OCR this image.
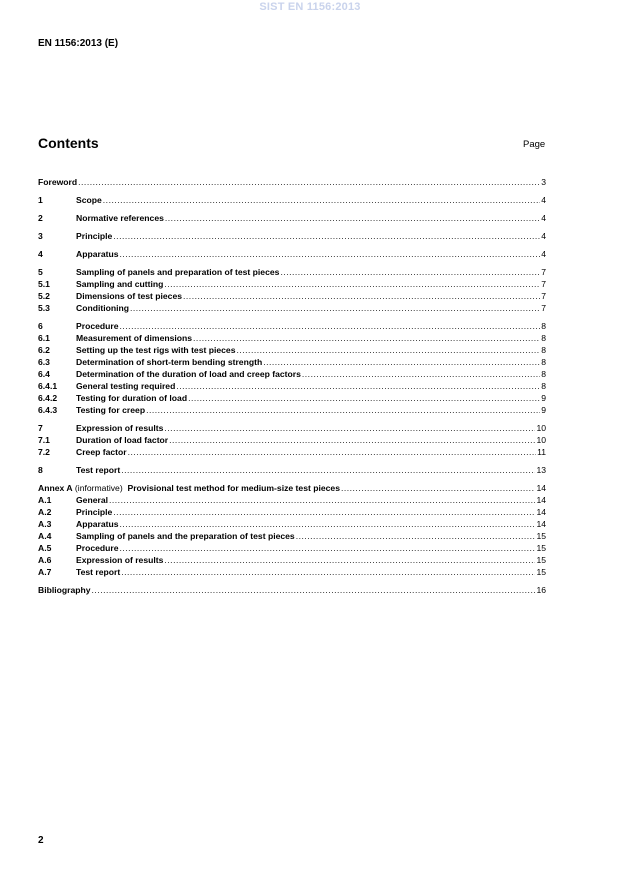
SIST EN 1156:2013
EN 1156:2013 (E)
Contents	Page
Foreword .....	3
1	Scope .....	4
2	Normative references .....	4
3	Principle .....	4
4	Apparatus .....	4
5	Sampling of panels and preparation of test pieces .....	7
5.1	Sampling and cutting .....	7
5.2	Dimensions of test pieces .....	7
5.3	Conditioning .....	7
6	Procedure .....	8
6.1	Measurement of dimensions .....	8
6.2	Setting up the test rigs with test pieces .....	8
6.3	Determination of short-term bending strength .....	8
6.4	Determination of the duration of load and creep factors .....	8
6.4.1	General testing required .....	8
6.4.2	Testing for duration of load .....	9
6.4.3	Testing for creep .....	9
7	Expression of results .....	10
7.1	Duration of load factor .....	10
7.2	Creep factor .....	11
8	Test report .....	13
Annex A (informative)  Provisional test method for medium-size test pieces .....	14
A.1	General .....	14
A.2	Principle .....	14
A.3	Apparatus .....	14
A.4	Sampling of panels and the preparation of test pieces .....	15
A.5	Procedure .....	15
A.6	Expression of results .....	15
A.7	Test report .....	15
Bibliography .....	16
2
